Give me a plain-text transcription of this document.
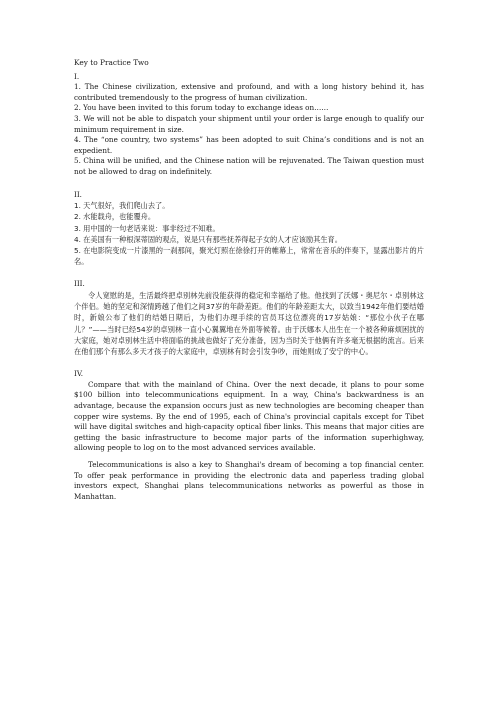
Key to Practice Two
I.
1. The Chinese civilization, extensive and profound, and with a long history behind it, has contributed tremendously to the progress of human civilization.
2. You have been invited to this forum today to exchange ideas on……
3. We will not be able to dispatch your shipment until your order is large enough to qualify our minimum requirement in size.
4. The “one country, two systems” has been adopted to suit China’s conditions and is not an expedient.
5. China will be unified, and the Chinese nation will be rejuvenated. The Taiwan question must not be allowed to drag on indefinitely.
II.
1. 天气很好，我们爬山去了。
2. 水能载舟，也能覆舟。
3. 用中国的一句老话来说：事非经过不知难。
4. 在美国有一种根深蒂固的观点，说是只有那些抚养得起子女的人才应该励其生育。
5. 在电影院变成一片漆黑的一刹那间，聚光灯照在徐徐打开的帷幕上，常常在音乐的伴奏下，显露出影片的片名。
III.
令人宽慰的是，生活最终把卓别林先前没能获得的稳定和幸福给了他。他找到了沃娜・奥尼尔・卓别林这个伴侣。她的坚定和深情跨越了他们之间37岁的年龄差距。他们的年龄差距太大，以致当1942年他们要结婚时，新娘公布了他们的结婚日期后，为他们办理手续的官员耳这位漂亮的17岁姑娘：“那位小伙子在哪儿？”——当时已经54岁的卓别林一直小心翼翼地在外面等候着。由于沃娜本人出生在一个被各种麻烦困扰的大家庭，她对卓别林生活中将面临的挑战也做好了充分准备，因为当时关于他俩有许多毫无根据的流言。后来在他们那个有那么多天才孩子的大家庭中，卓别林有时会引发争吵，而她则成了安宁的中心。
IV.
Compare that with the mainland of China. Over the next decade, it plans to pour some $100 billion into telecommunications equipment. In a way, China's backwardness is an advantage, because the expansion occurs just as new technologies are becoming cheaper than copper wire systems. By the end of 1995, each of China's provincial capitals except for Tibet will have digital switches and high-capacity optical fiber links. This means that major cities are getting the basic infrastructure to become major parts of the information superhighway, allowing people to log on to the most advanced services available.
Telecommunications is also a key to Shanghai's dream of becoming a top financial center. To offer peak performance in providing the electronic data and paperless trading global investors expect, Shanghai plans telecommunications networks as powerful as those in Manhattan.
